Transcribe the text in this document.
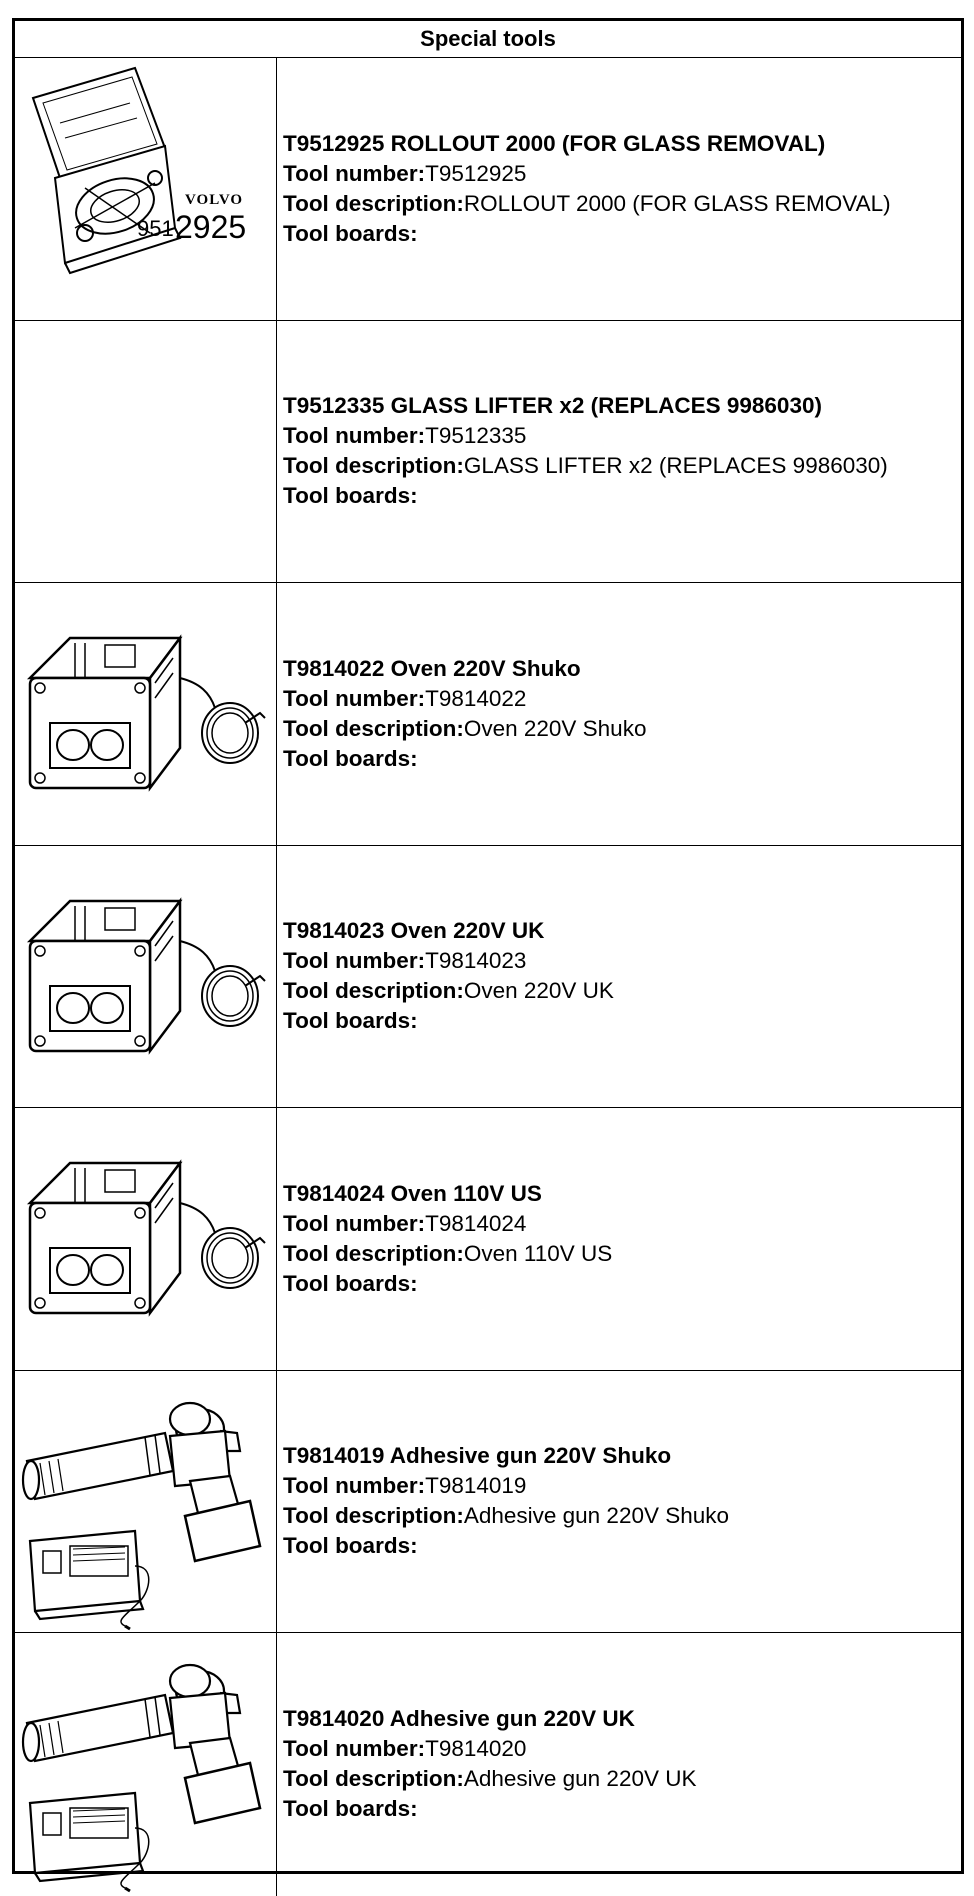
Special tools
VOLVO
951 2925
T9512925 ROLLOUT 2000 (FOR GLASS REMOVAL)
Tool number:T9512925
Tool description:ROLLOUT 2000 (FOR GLASS REMOVAL)
Tool boards:
T9512335 GLASS LIFTER x2 (REPLACES 9986030)
Tool number:T9512335
Tool description:GLASS LIFTER x2 (REPLACES 9986030)
Tool boards:
T9814022 Oven 220V Shuko
Tool number:T9814022
Tool description:Oven 220V Shuko
Tool boards:
T9814023 Oven 220V UK
Tool number:T9814023
Tool description:Oven 220V UK
Tool boards:
T9814024 Oven 110V US
Tool number:T9814024
Tool description:Oven 110V US
Tool boards:
T9814019 Adhesive gun 220V Shuko
Tool number:T9814019
Tool description:Adhesive gun 220V Shuko
Tool boards:
T9814020 Adhesive gun 220V UK
Tool number:T9814020
Tool description:Adhesive gun 220V UK
Tool boards:
